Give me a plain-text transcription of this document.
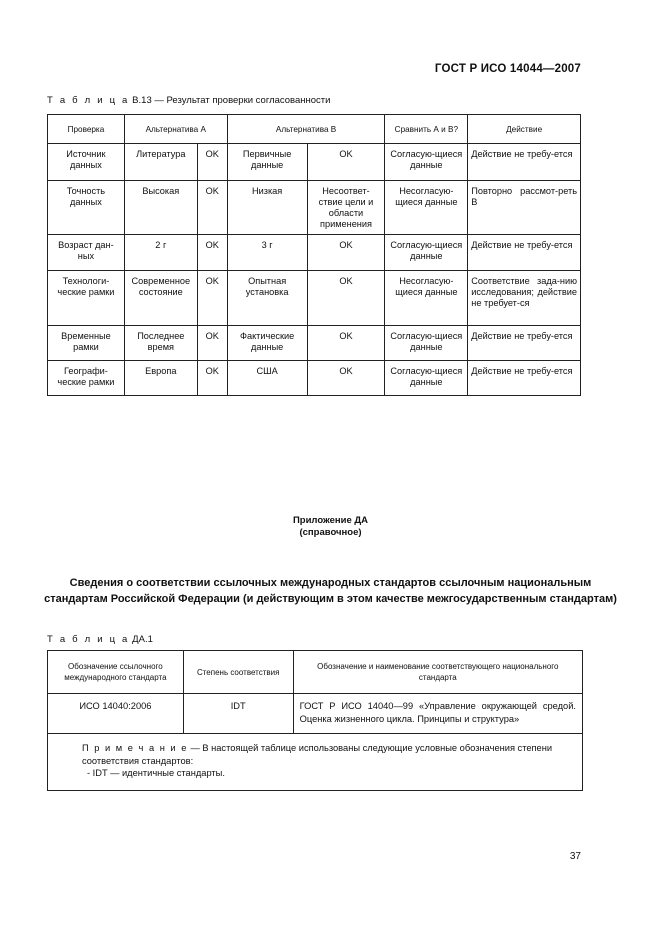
ГОСТ Р ИСО 14044—2007
Т а б л и ц а В.13 — Результат проверки согласованности
Проверка	Альтернатива А		Альтернатива В		Сравнить А и В?	Действие
Источник данных	Литература	OK	Первичные данные	OK	Согласую-щиеся данные	Действие не требу-ется
Точность данных	Высокая	OK	Низкая	Несоответ-ствие цели и области применения	Несогласую-щиеся данные	Повторно рассмот-реть В
Возраст дан-ных	2 г	OK	3 г	OK	Согласую-щиеся данные	Действие не требу-ется
Технологи-ческие рамки	Современное состояние	OK	Опытная установка	OK	Несогласую-щиеся данные	Соответствие зада-нию исследования; действие не требует-ся
Временные рамки	Последнее время	OK	Фактические данные	OK	Согласую-щиеся данные	Действие не требу-ется
Географи-ческие рамки	Европа	OK	США	OK	Согласую-щиеся данные	Действие не требу-ется
Приложение ДА
(справочное)
Сведения о соответствии ссылочных международных стандартов ссылочным национальным стандартам Российской Федерации (и действующим в этом качестве межгосударственным стандартам)
Т а б л и ц а ДА.1
Обозначение ссылочного международного стандарта	Степень соответствия	Обозначение и наименование соответствующего национального стандарта
ИСО 14040:2006	IDT	ГОСТ Р ИСО 14040—99 «Управление окружающей средой. Оценка жизненного цикла. Принципы и структура»

П р и м е ч а н и е — В настоящей таблице использованы следующие условные обозначения степени соответствия стандартов:
- IDT — идентичные стандарты.		
37
